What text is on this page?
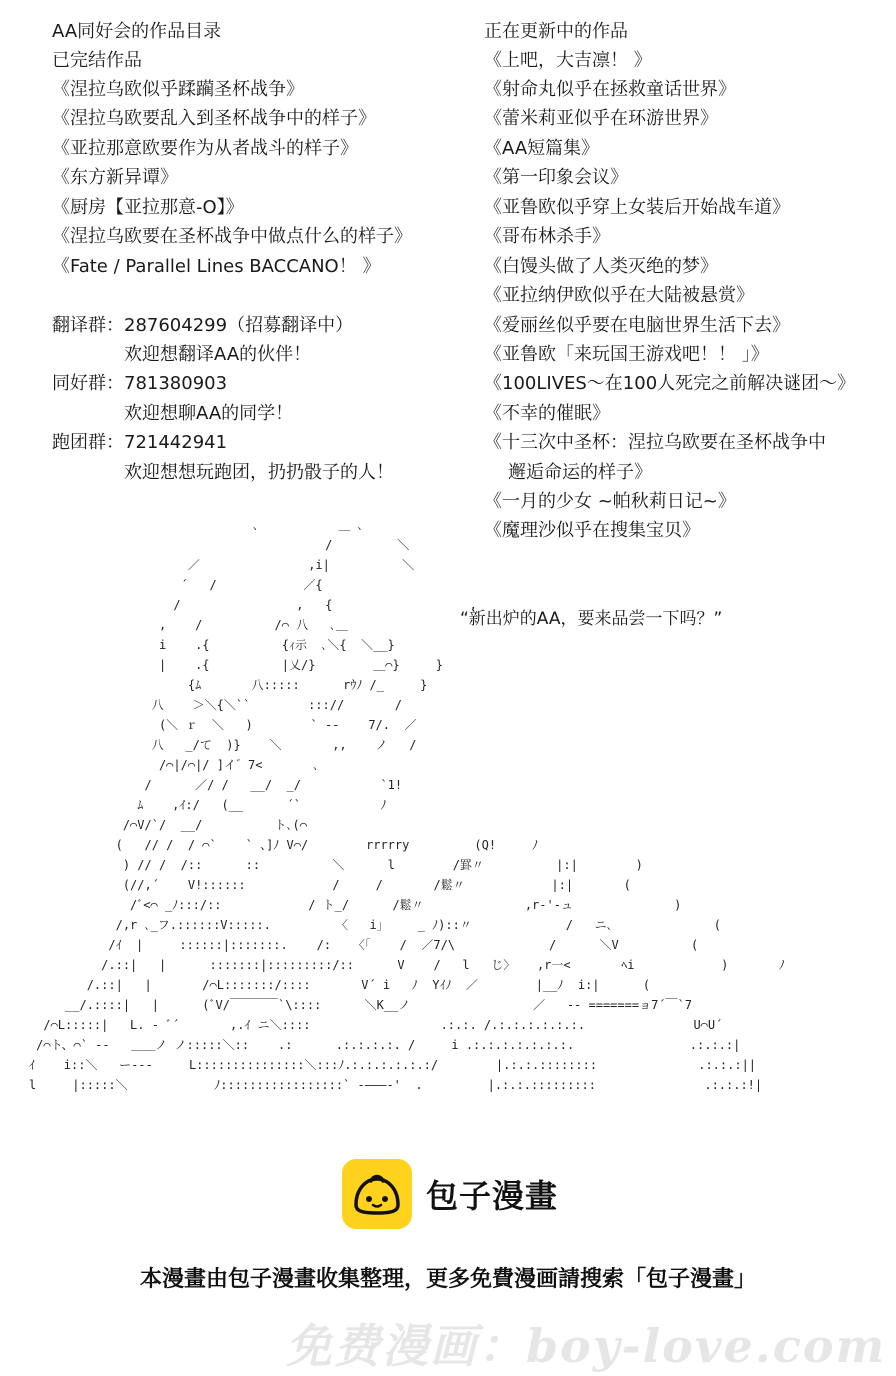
AA同好会的作品目录
已完结作品
《涅拉乌欧似乎蹂躏圣杯战争》
《涅拉乌欧要乱入到圣杯战争中的样子》
《亚拉那意欧要作为从者战斗的样子》
《东方新异谭》
《厨房【亚拉那意-O】》
《涅拉乌欧要在圣杯战争中做点什么的样子》
《Fate / Parallel Lines BACCANO！ 》
翻译群： 287604299（招募翻译中）
欢迎想翻译AA的伙伴！
同好群： 781380903
欢迎想聊AA的同学！
跑团群： 721442941
欢迎想想玩跑团，扔扔骰子的人！
正在更新中的作品
《上吧，大吉凛！ 》
《射命丸似乎在拯救童话世界》
《蕾米莉亚似乎在环游世界》
《AA短篇集》
《第一印象会议》
《亚鲁欧似乎穿上女装后开始战车道》
《哥布林杀手》
《白馒头做了人类灭绝的梦》
《亚拉纳伊欧似乎在大陆被悬赏》
《爱丽丝似乎要在电脑世界生活下去》
《亚鲁欧「来玩国王游戏吧！！ 」》
《100LIVES～在100人死完之前解决谜团～》
《不幸的催眠》
《十三次中圣杯：涅拉乌欧要在圣杯战争中
邂逅命运的样子》
《一月的少女 ~帕秋莉日记~》
《魔理沙似乎在搜集宝贝》
､           ＿ ､
/         ＼
／               ,i|          ＼
´   /            ／{
/                ,   {                   ,
,    /          /⌒ 八   ､＿
i    .{          {ｨ示  ､＼{  ＼__}
|    .{          |乂/}        ＿⌒}     }
{ﾑ       八:::::      rｳﾉ /_     }
八    ＞＼{＼``        ::://       /
(＼ ｒ  ＼   )        ` ‐-    7/.  ／
八   _/て  )}    ＼       ,,    ノ   /
/⌒|/⌒|/ ]イ゛7<       ､
/      ／/ /   __/  _/           `1!
ﾑ    ,ｲ:/   (__      ´`           ﾉ
/⌒V/`/  __/          ト､(⌒
(   // /  / ⌒`    ` 、]ﾉ V⌒/        rrrrry         (Q!     ﾉ
) // /  /::      ::          ＼      l        /罫〃          |:|        )
(//,´    V!::::::            /     /       /鬆〃            |:|       (
/ﾞ<⌒ _ﾉ:::/::            / ト_/      /鬆〃              ,r‐'‐ュ              )
/,r ､_フ.::::::V:::::.         〈   i」    _ ﾉ)::〃             /   ニ､              (
/ｲ  |     ::::::|:::::::.    /:   〈「    /  ／7/\             /      ＼V          (
/.::|   |      :::::::|:::::::::/::      V    /   l   じ〉   ,r一<       ﾍi            )       ﾉ
/.::|   |       /⌒L:::::::/::::       V´ i   ﾉ  Yｲﾉ  ／        |__ﾉ  i:|      (
__/.::::|   |      (ﾞV/￣￣￣￣`\::::      ＼K__ノ                 ／   ‐- =======ョ7´￣`7
/⌒L:::::|   L. ‐ ﾞ´       ,.ｲ ニ＼::::                  .:.:. /.:.:.:.:.:.:.               U⌒U´
/⌒ト、⌒` ‐-   ＿＿ノ ノ:::::＼::    .:      .:.:.:.:. /     i .:.:.:.:.:.:.:.                .:.:.:|
ｲ    i::＼   ー--‐     L:::::::::::::::＼:::ﾉ.:.:.:.:.:.:/        |.:.:.::::::::              .:.:.:||
l     |:::::＼            ﾉ:::::::::::::::::` ‐―――‐'  .         |.:.:.:::::::::               .:.:.:!|
“新出炉的AA，要来品尝一下吗？”
包子漫畫
本漫畫由包子漫畫收集整理，更多免費漫画請搜索「包子漫畫」
免费漫画：boy-love.com
